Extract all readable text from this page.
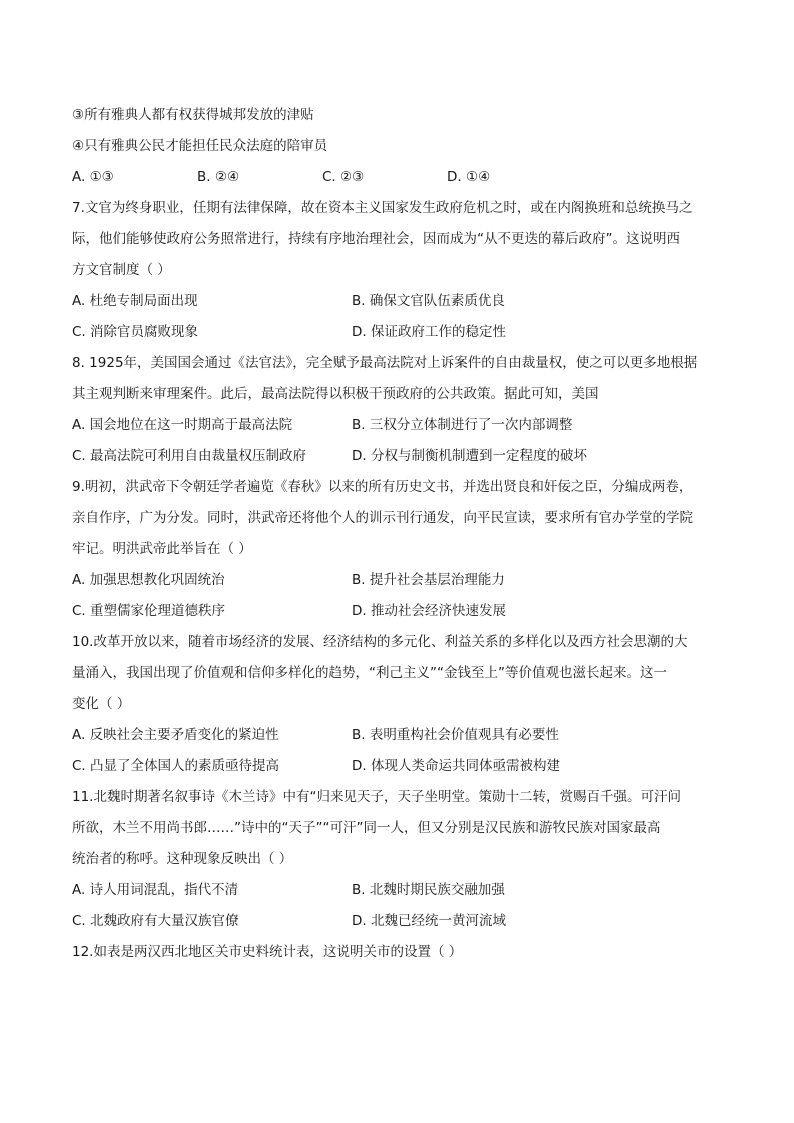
③所有雅典人都有权获得城邦发放的津贴
④只有雅典公民才能担任民众法庭的陪审员
A. ①③	B. ②④	C. ②③	D. ①④
7.文官为终身职业，任期有法律保障，故在资本主义国家发生政府危机之时，或在内阁换班和总统换马之
际，他们能够使政府公务照常进行，持续有序地治理社会，因而成为“从不更迭的幕后政府”。这说明西
方文官制度（ ）
A. 杜绝专制局面出现	B. 确保文官队伍素质优良
C. 消除官员腐败现象	D. 保证政府工作的稳定性
8. 1925年，美国国会通过《法官法》，完全赋予最高法院对上诉案件的自由裁量权，使之可以更多地根据
其主观判断来审理案件。此后，最高法院得以积极干预政府的公共政策。据此可知，美国
A. 国会地位在这一时期高于最高法院	B. 三权分立体制进行了一次内部调整
C. 最高法院可利用自由裁量权压制政府	D. 分权与制衡机制遭到一定程度的破坏
9.明初，洪武帝下令朝廷学者遍览《春秋》以来的所有历史文书，并选出贤良和奸佞之臣，分编成两卷，
亲自作序，广为分发。同时，洪武帝还将他个人的训示刊行通发，向平民宣读，要求所有官办学堂的学院
牢记。明洪武帝此举旨在（ ）
A. 加强思想教化巩固统治	B. 提升社会基层治理能力
C. 重塑儒家伦理道德秩序	D. 推动社会经济快速发展
10.改革开放以来，随着市场经济的发展、经济结构的多元化、利益关系的多样化以及西方社会思潮的大
量涌入，我国出现了价值观和信仰多样化的趋势，“利己主义”“金钱至上”等价值观也滋长起来。这一
变化（ ）
A. 反映社会主要矛盾变化的紧迫性	B. 表明重构社会价值观具有必要性
C. 凸显了全体国人的素质亟待提高	D. 体现人类命运共同体亟需被构建
11.北魏时期著名叙事诗《木兰诗》中有“归来见天子，天子坐明堂。策勋十二转，赏赐百千强。可汗问
所欲，木兰不用尚书郎……”诗中的“天子”“可汗”同一人，但又分别是汉民族和游牧民族对国家最高
统治者的称呼。这种现象反映出（ ）
A. 诗人用词混乱，指代不清	B. 北魏时期民族交融加强
C. 北魏政府有大量汉族官僚	D. 北魏已经统一黄河流域
12.如表是两汉西北地区关市史料统计表，这说明关市的设置（ ）
